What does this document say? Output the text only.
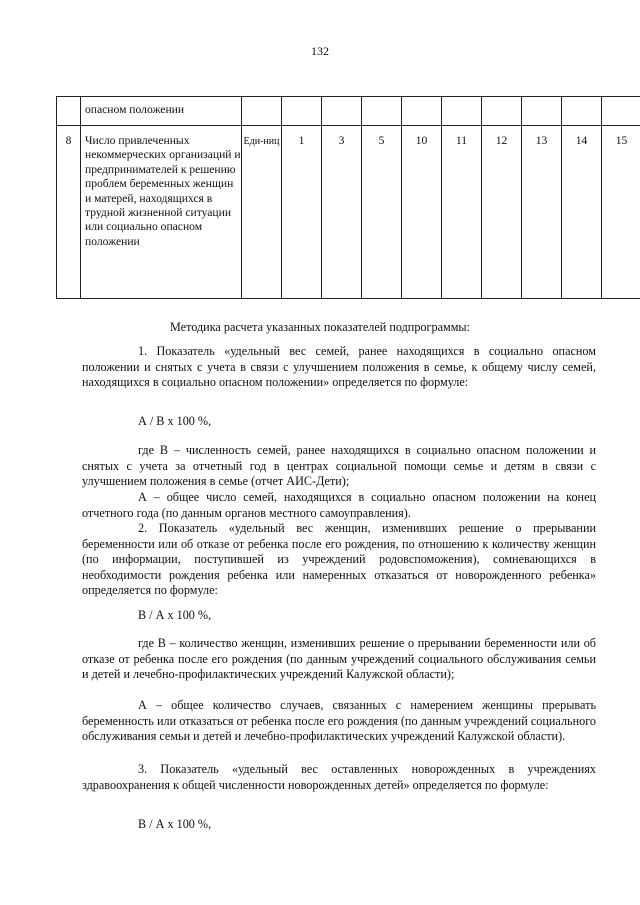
132

	опасном положении										

8	Число привлеченных некоммерческих организаций и предпринимателей к решению проблем беременных женщин и матерей, находящихся в трудной жизненной ситуации или социально опасном положении	Еди-ниц	1	3	5	10	11	12	13	14	15
Методика расчета указанных показателей подпрограммы:
1. Показатель «удельный вес семей, ранее находящихся в социально опасном положении и снятых с учета в связи с улучшением положения в семье, к общему числу семей, находящихся в социально опасном положении» определяется по формуле:
А / В х 100 %,
где В – численность семей, ранее находящихся в социально опасном положении и снятых с учета за отчетный год в центрах социальной помощи семье и детям в связи с улучшением положения в семье (отчет АИС-Дети);
А – общее число семей, находящихся в социально опасном положении на конец отчетного года (по данным органов местного самоуправления).
2. Показатель «удельный вес женщин, изменивших решение о прерывании беременности или об отказе от ребенка после его рождения, по отношению к количеству женщин (по информации, поступившей из учреждений родовспоможения), сомневающихся в необходимости рождения ребенка или намеренных отказаться от новорожденного ребенка» определяется по формуле:
В / А х 100 %,
где В – количество женщин, изменивших решение о прерывании беременности или об отказе от ребенка после его рождения (по данным учреждений социального обслуживания семьи и детей и лечебно-профилактических учреждений Калужской области);
А – общее количество случаев, связанных с намерением женщины прерывать беременность или отказаться от ребенка после его рождения (по данным учреждений социального обслуживания семьи и детей и лечебно-профилактических учреждений Калужской области).
3. Показатель «удельный вес оставленных новорожденных в учреждениях здравоохранения к общей численности новорожденных детей» определяется по формуле:
В / А х 100 %,
